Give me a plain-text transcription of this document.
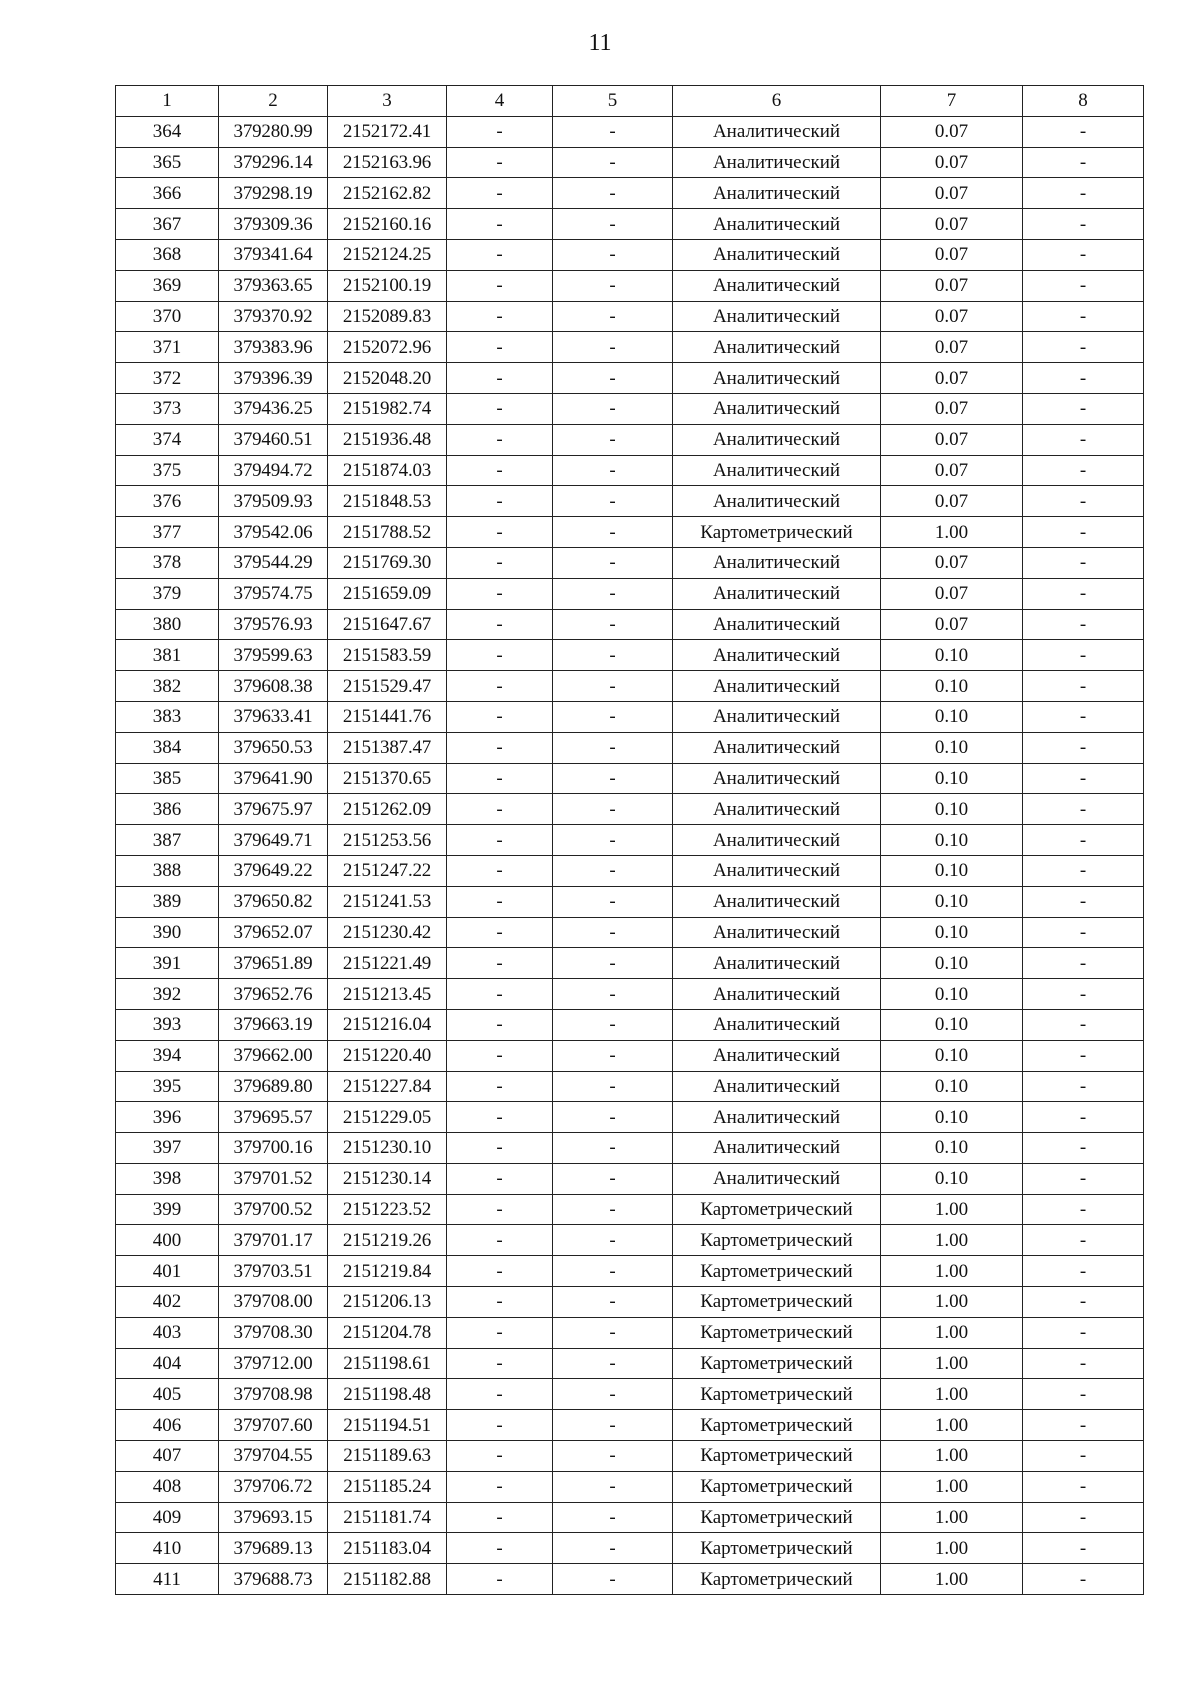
11
1	2	3	4	5	6	7	8
364	379280.99	2152172.41	-	-	Аналитический	0.07	-
365	379296.14	2152163.96	-	-	Аналитический	0.07	-
366	379298.19	2152162.82	-	-	Аналитический	0.07	-
367	379309.36	2152160.16	-	-	Аналитический	0.07	-
368	379341.64	2152124.25	-	-	Аналитический	0.07	-
369	379363.65	2152100.19	-	-	Аналитический	0.07	-
370	379370.92	2152089.83	-	-	Аналитический	0.07	-
371	379383.96	2152072.96	-	-	Аналитический	0.07	-
372	379396.39	2152048.20	-	-	Аналитический	0.07	-
373	379436.25	2151982.74	-	-	Аналитический	0.07	-
374	379460.51	2151936.48	-	-	Аналитический	0.07	-
375	379494.72	2151874.03	-	-	Аналитический	0.07	-
376	379509.93	2151848.53	-	-	Аналитический	0.07	-
377	379542.06	2151788.52	-	-	Картометрический	1.00	-
378	379544.29	2151769.30	-	-	Аналитический	0.07	-
379	379574.75	2151659.09	-	-	Аналитический	0.07	-
380	379576.93	2151647.67	-	-	Аналитический	0.07	-
381	379599.63	2151583.59	-	-	Аналитический	0.10	-
382	379608.38	2151529.47	-	-	Аналитический	0.10	-
383	379633.41	2151441.76	-	-	Аналитический	0.10	-
384	379650.53	2151387.47	-	-	Аналитический	0.10	-
385	379641.90	2151370.65	-	-	Аналитический	0.10	-
386	379675.97	2151262.09	-	-	Аналитический	0.10	-
387	379649.71	2151253.56	-	-	Аналитический	0.10	-
388	379649.22	2151247.22	-	-	Аналитический	0.10	-
389	379650.82	2151241.53	-	-	Аналитический	0.10	-
390	379652.07	2151230.42	-	-	Аналитический	0.10	-
391	379651.89	2151221.49	-	-	Аналитический	0.10	-
392	379652.76	2151213.45	-	-	Аналитический	0.10	-
393	379663.19	2151216.04	-	-	Аналитический	0.10	-
394	379662.00	2151220.40	-	-	Аналитический	0.10	-
395	379689.80	2151227.84	-	-	Аналитический	0.10	-
396	379695.57	2151229.05	-	-	Аналитический	0.10	-
397	379700.16	2151230.10	-	-	Аналитический	0.10	-
398	379701.52	2151230.14	-	-	Аналитический	0.10	-
399	379700.52	2151223.52	-	-	Картометрический	1.00	-
400	379701.17	2151219.26	-	-	Картометрический	1.00	-
401	379703.51	2151219.84	-	-	Картометрический	1.00	-
402	379708.00	2151206.13	-	-	Картометрический	1.00	-
403	379708.30	2151204.78	-	-	Картометрический	1.00	-
404	379712.00	2151198.61	-	-	Картометрический	1.00	-
405	379708.98	2151198.48	-	-	Картометрический	1.00	-
406	379707.60	2151194.51	-	-	Картометрический	1.00	-
407	379704.55	2151189.63	-	-	Картометрический	1.00	-
408	379706.72	2151185.24	-	-	Картометрический	1.00	-
409	379693.15	2151181.74	-	-	Картометрический	1.00	-
410	379689.13	2151183.04	-	-	Картометрический	1.00	-
411	379688.73	2151182.88	-	-	Картометрический	1.00	-
